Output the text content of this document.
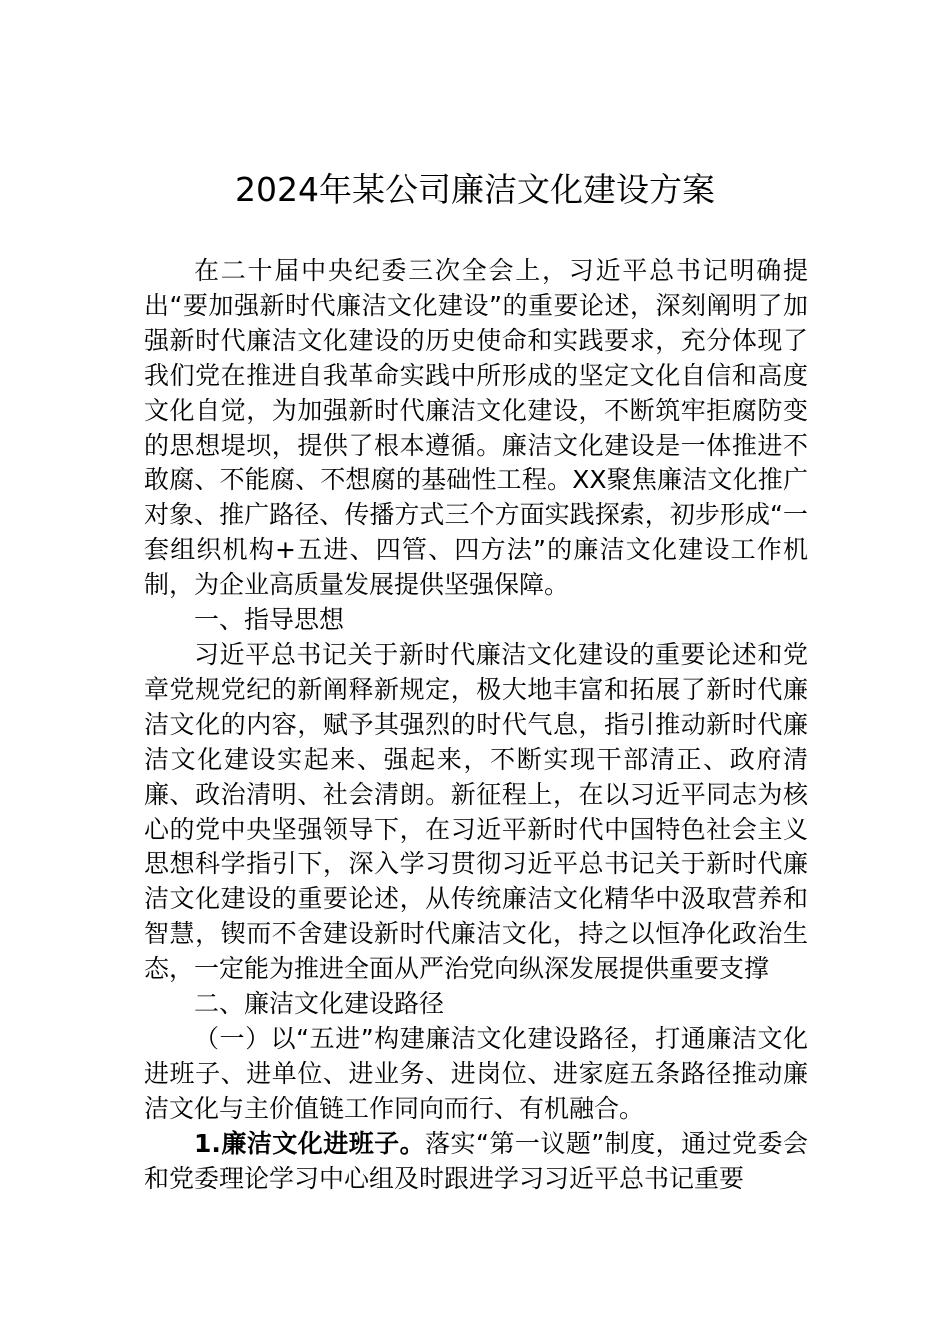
2024年某公司廉洁文化建设方案

在二十届中央纪委三次全会上，习近平总书记明确提出“要加强新时代廉洁文化建设”的重要论述，深刻阐明了加强新时代廉洁文化建设的历史使命和实践要求，充分体现了我们党在推进自我革命实践中所形成的坚定文化自信和高度文化自觉，为加强新时代廉洁文化建设，不断筑牢拒腐防变的思想堤坝，提供了根本遵循。廉洁文化建设是一体推进不敢腐、不能腐、不想腐的基础性工程。XX聚焦廉洁文化推广对象、推广路径、传播方式三个方面实践探索，初步形成“一套组织机构+五进、四管、四方法”的廉洁文化建设工作机制，为企业高质量发展提供坚强保障。

一、指导思想

习近平总书记关于新时代廉洁文化建设的重要论述和党章党规党纪的新阐释新规定，极大地丰富和拓展了新时代廉洁文化的内容，赋予其强烈的时代气息，指引推动新时代廉洁文化建设实起来、强起来，不断实现干部清正、政府清廉、政治清明、社会清朗。新征程上，在以习近平同志为核心的党中央坚强领导下，在习近平新时代中国特色社会主义思想科学指引下，深入学习贯彻习近平总书记关于新时代廉洁文化建设的重要论述，从传统廉洁文化精华中汲取营养和智慧，锲而不舍建设新时代廉洁文化，持之以恒净化政治生态，一定能为推进全面从严治党向纵深发展提供重要支撑

二、廉洁文化建设路径

（一）以“五进”构建廉洁文化建设路径，打通廉洁文化进班子、进单位、进业务、进岗位、进家庭五条路径推动廉洁文化与主价值链工作同向而行、有机融合。

1.廉洁文化进班子。落实“第一议题”制度，通过党委会和党委理论学习中心组及时跟进学习习近平总书记重要
